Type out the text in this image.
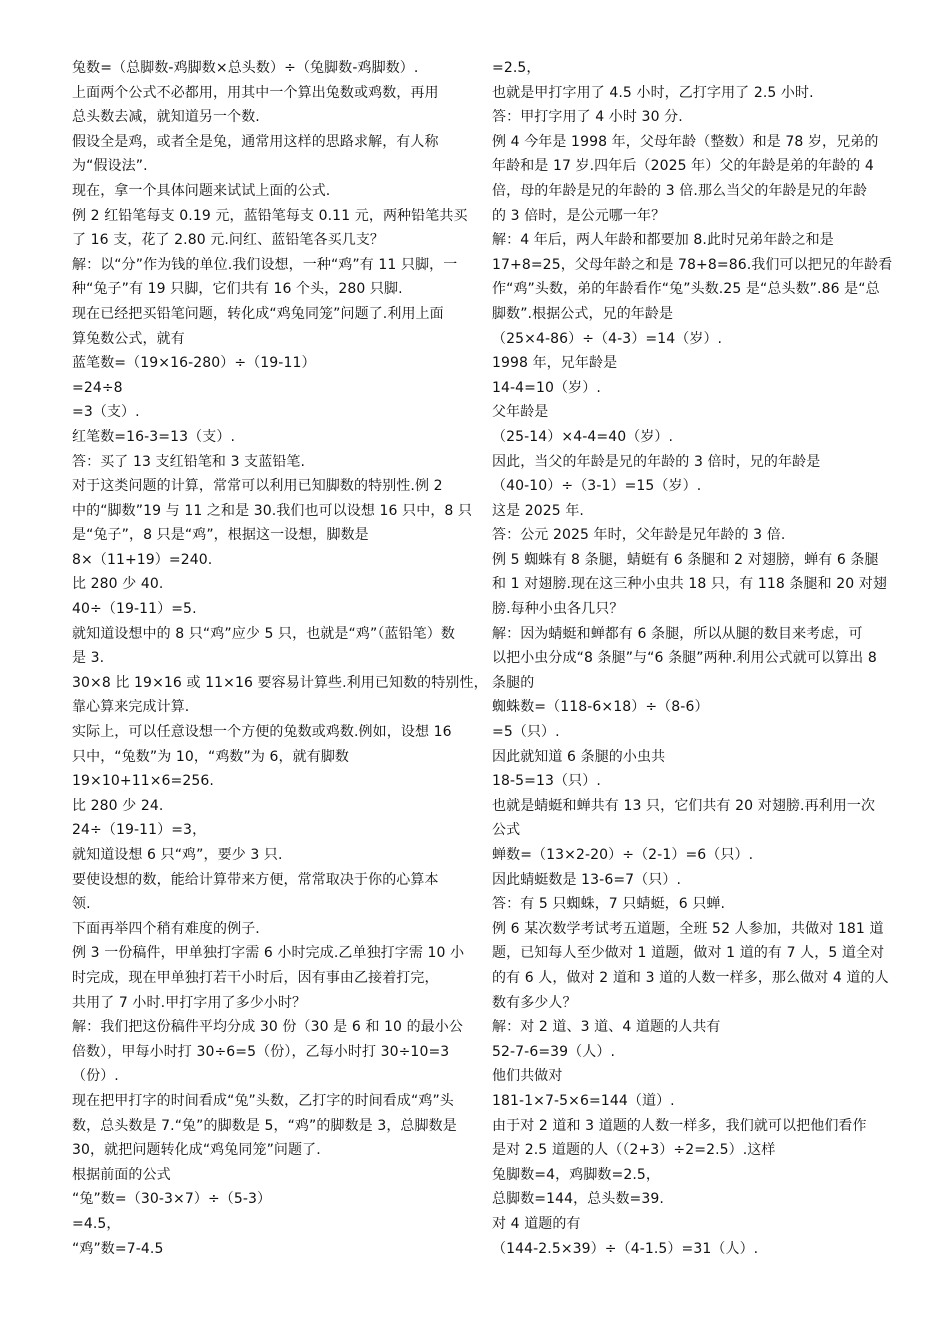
兔数=（总脚数-鸡脚数×总头数）÷（兔脚数-鸡脚数）.
上面两个公式不必都用，用其中一个算出兔数或鸡数，再用
总头数去减，就知道另一个数.
假设全是鸡，或者全是兔，通常用这样的思路求解，有人称
为“假设法”.
现在，拿一个具体问题来试试上面的公式.
例 2 红铅笔每支 0.19 元，蓝铅笔每支 0.11 元，两种铅笔共买
了 16 支，花了 2.80 元.问红、蓝铅笔各买几支？
解：以“分”作为钱的单位.我们设想，一种“鸡”有 11 只脚，一
种“兔子”有 19 只脚，它们共有 16 个头，280 只脚.
现在已经把买铅笔问题，转化成“鸡兔同笼”问题了.利用上面
算兔数公式，就有
蓝笔数=（19×16-280）÷（19-11）
=24÷8
=3（支）.
红笔数=16-3=13（支）.
答：买了 13 支红铅笔和 3 支蓝铅笔.
对于这类问题的计算，常常可以利用已知脚数的特别性.例 2
中的“脚数”19 与 11 之和是 30.我们也可以设想 16 只中，8 只
是“兔子”，8 只是“鸡”，根据这一设想，脚数是
8×（11+19）=240.
比 280 少 40.
40÷（19-11）=5.
就知道设想中的 8 只“鸡”应少 5 只，也就是“鸡”（蓝铅笔）数
是 3.
30×8 比 19×16 或 11×16 要容易计算些.利用已知数的特别性，
靠心算来完成计算.
实际上，可以任意设想一个方便的兔数或鸡数.例如，设想 16
只中，“兔数”为 10，“鸡数”为 6，就有脚数
19×10+11×6=256.
比 280 少 24.
24÷（19-11）=3，
就知道设想 6 只“鸡”，要少 3 只.
要使设想的数，能给计算带来方便，常常取决于你的心算本
领.
下面再举四个稍有难度的例子.
例 3 一份稿件，甲单独打字需 6 小时完成.乙单独打字需 10 小
时完成，现在甲单独打若干小时后，因有事由乙接着打完，
共用了 7 小时.甲打字用了多少小时？
解：我们把这份稿件平均分成 30 份（30 是 6 和 10 的最小公
倍数），甲每小时打 30÷6=5（份），乙每小时打 30÷10=3
（份）.
现在把甲打字的时间看成“兔”头数，乙打字的时间看成“鸡”头
数，总头数是 7.“兔”的脚数是 5，“鸡”的脚数是 3，总脚数是
30，就把问题转化成“鸡兔同笼”问题了.
根据前面的公式
“兔”数=（30-3×7）÷（5-3）
=4.5，
“鸡”数=7-4.5
=2.5，
也就是甲打字用了 4.5 小时，乙打字用了 2.5 小时.
答：甲打字用了 4 小时 30 分.
例 4 今年是 1998 年，父母年龄（整数）和是 78 岁，兄弟的
年龄和是 17 岁.四年后（2025 年）父的年龄是弟的年龄的 4
倍，母的年龄是兄的年龄的 3 倍.那么当父的年龄是兄的年龄
的 3 倍时，是公元哪一年？
解：4 年后，两人年龄和都要加 8.此时兄弟年龄之和是
17+8=25，父母年龄之和是 78+8=86.我们可以把兄的年龄看
作“鸡”头数，弟的年龄看作“兔”头数.25 是“总头数”.86 是“总
脚数”.根据公式，兄的年龄是
（25×4-86）÷（4-3）=14（岁）.
1998 年，兄年龄是
14-4=10（岁）.
父年龄是
（25-14）×4-4=40（岁）.
因此，当父的年龄是兄的年龄的 3 倍时，兄的年龄是
（40-10）÷（3-1）=15（岁）.
这是 2025 年.
答：公元 2025 年时，父年龄是兄年龄的 3 倍.
例 5 蜘蛛有 8 条腿，蜻蜓有 6 条腿和 2 对翅膀，蝉有 6 条腿
和 1 对翅膀.现在这三种小虫共 18 只，有 118 条腿和 20 对翅
膀.每种小虫各几只？
解：因为蜻蜓和蝉都有 6 条腿，所以从腿的数目来考虑，可
以把小虫分成“8 条腿”与“6 条腿”两种.利用公式就可以算出 8
条腿的
蜘蛛数=（118-6×18）÷（8-6）
=5（只）.
因此就知道 6 条腿的小虫共
18-5=13（只）.
也就是蜻蜓和蝉共有 13 只，它们共有 20 对翅膀.再利用一次
公式
蝉数=（13×2-20）÷（2-1）=6（只）.
因此蜻蜓数是 13-6=7（只）.
答：有 5 只蜘蛛，7 只蜻蜓，6 只蝉.
例 6 某次数学考试考五道题，全班 52 人参加，共做对 181 道
题，已知每人至少做对 1 道题，做对 1 道的有 7 人，5 道全对
的有 6 人，做对 2 道和 3 道的人数一样多，那么做对 4 道的人
数有多少人？
解：对 2 道、3 道、4 道题的人共有
52-7-6=39（人）.
他们共做对
181-1×7-5×6=144（道）.
由于对 2 道和 3 道题的人数一样多，我们就可以把他们看作
是对 2.5 道题的人（（2+3）÷2=2.5）.这样
兔脚数=4，鸡脚数=2.5，
总脚数=144，总头数=39.
对 4 道题的有
（144-2.5×39）÷（4-1.5）=31（人）.
